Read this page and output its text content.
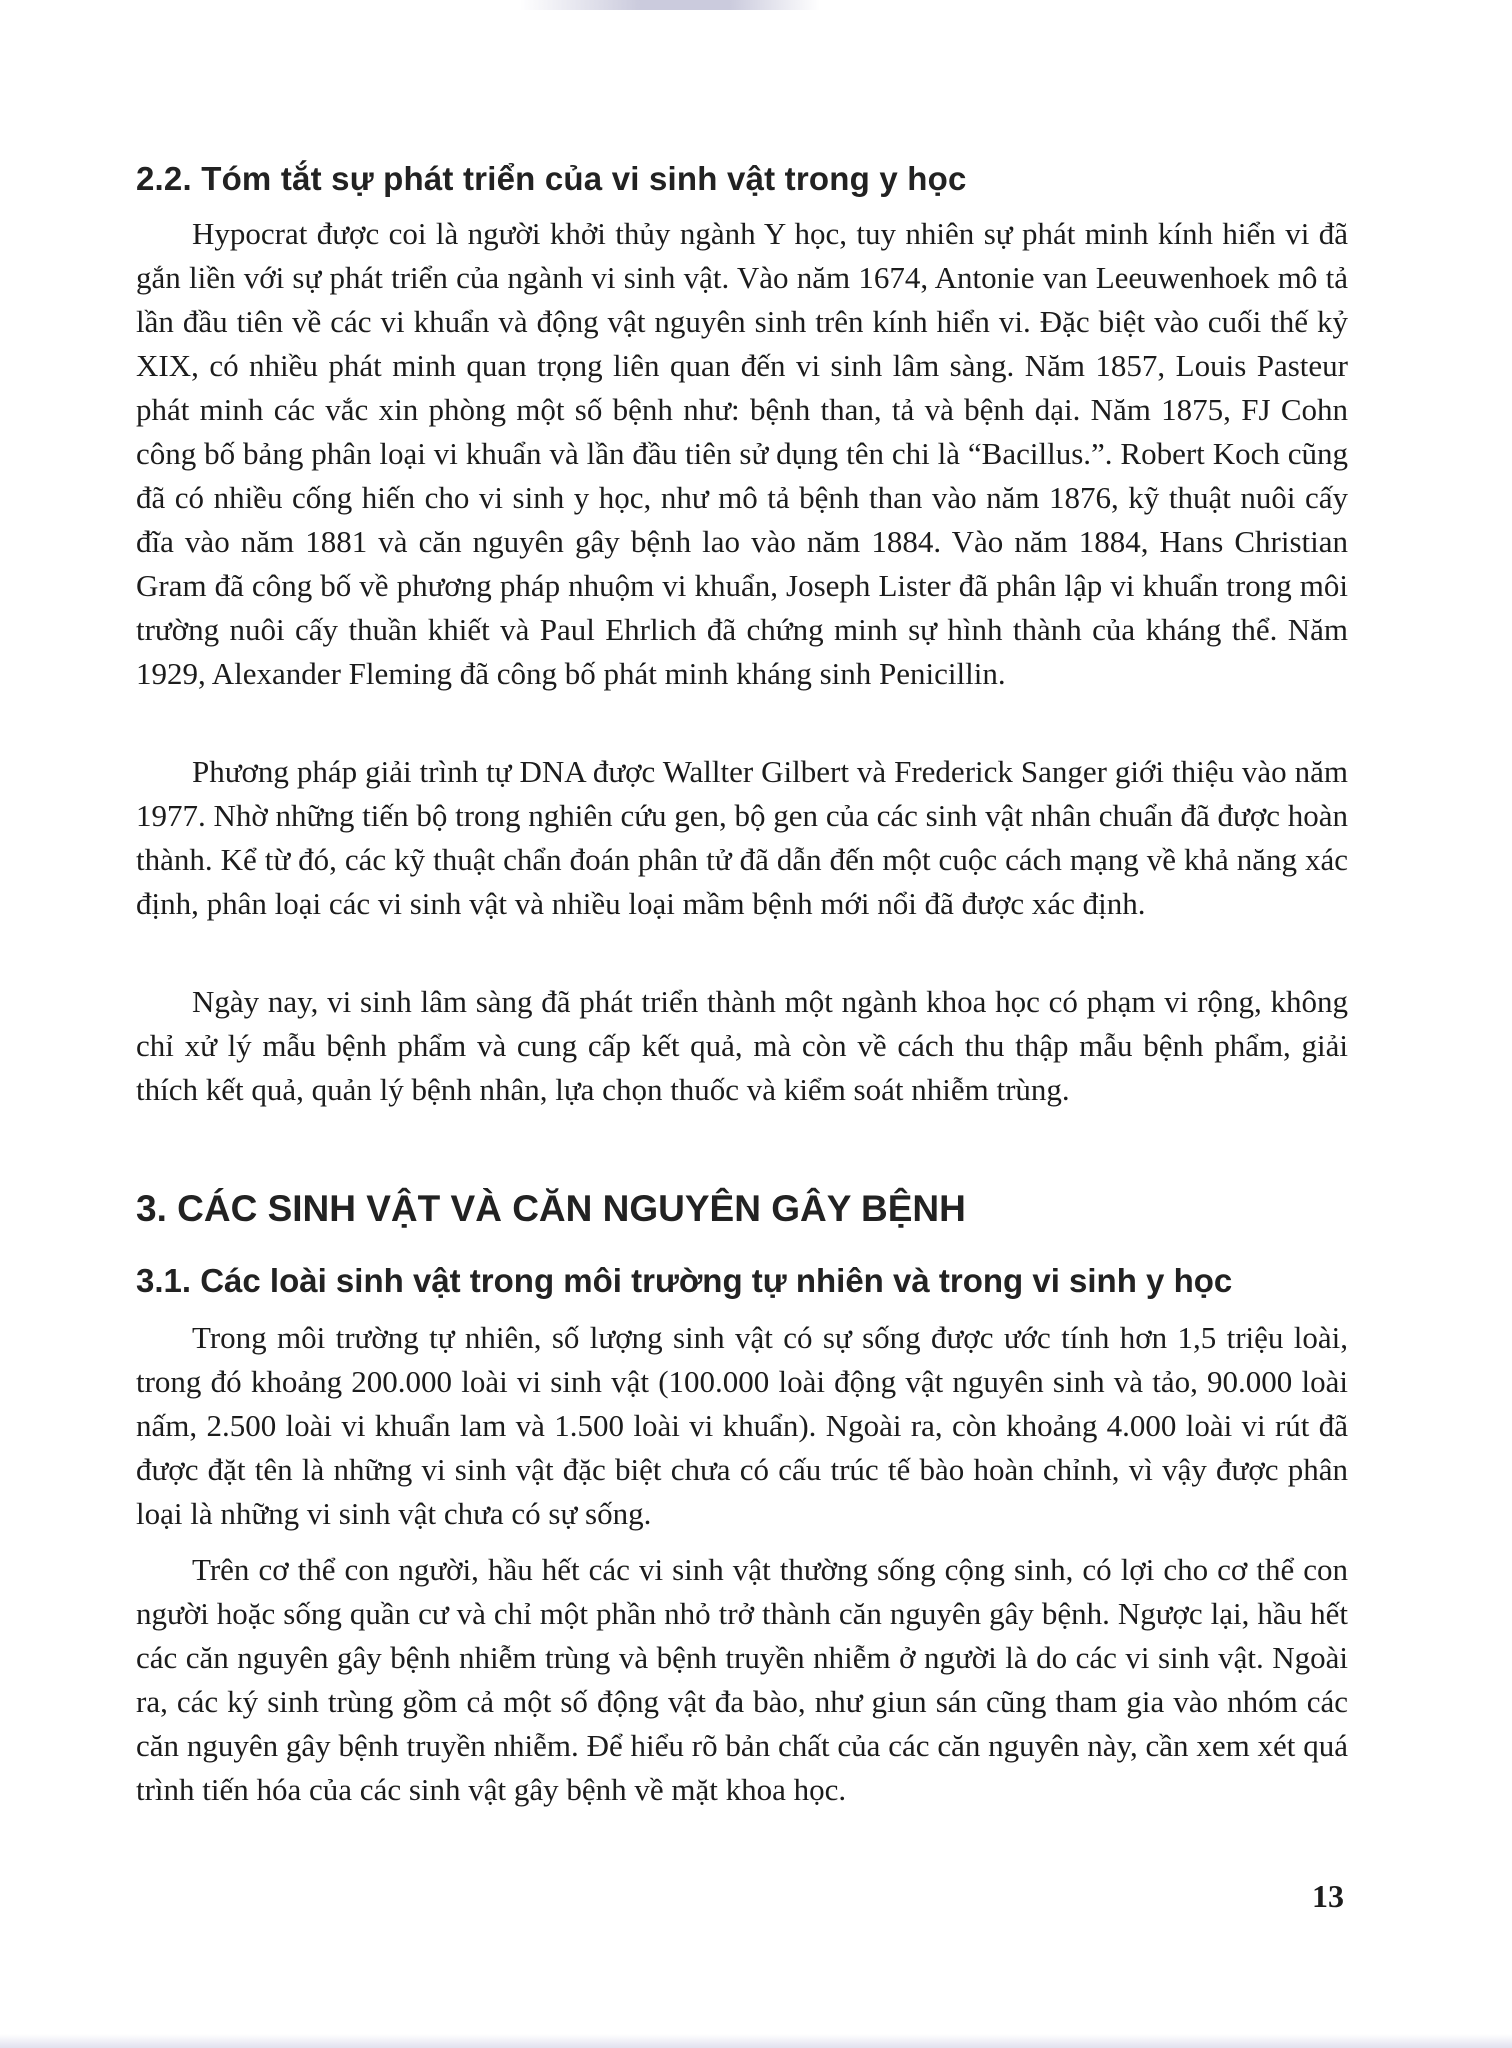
2.2. Tóm tắt sự phát triển của vi sinh vật trong y học

Hypocrat được coi là người khởi thủy ngành Y học, tuy nhiên sự phát minh kính hiển vi đã gắn liền với sự phát triển của ngành vi sinh vật. Vào năm 1674, Antonie van Leeuwenhoek mô tả lần đầu tiên về các vi khuẩn và động vật nguyên sinh trên kính hiển vi. Đặc biệt vào cuối thế kỷ XIX, có nhiều phát minh quan trọng liên quan đến vi sinh lâm sàng. Năm 1857, Louis Pasteur phát minh các vắc xin phòng một số bệnh như: bệnh than, tả và bệnh dại. Năm 1875, FJ Cohn công bố bảng phân loại vi khuẩn và lần đầu tiên sử dụng tên chi là “Bacillus.”. Robert Koch cũng đã có nhiều cống hiến cho vi sinh y học, như mô tả bệnh than vào năm 1876, kỹ thuật nuôi cấy đĩa vào năm 1881 và căn nguyên gây bệnh lao vào năm 1884. Vào năm 1884, Hans Christian Gram đã công bố về phương pháp nhuộm vi khuẩn, Joseph Lister đã phân lập vi khuẩn trong môi trường nuôi cấy thuần khiết và Paul Ehrlich đã chứng minh sự hình thành của kháng thể. Năm 1929, Alexander Fleming đã công bố phát minh kháng sinh Penicillin.

Phương pháp giải trình tự DNA được Wallter Gilbert và Frederick Sanger giới thiệu vào năm 1977. Nhờ những tiến bộ trong nghiên cứu gen, bộ gen của các sinh vật nhân chuẩn đã được hoàn thành. Kể từ đó, các kỹ thuật chẩn đoán phân tử đã dẫn đến một cuộc cách mạng về khả năng xác định, phân loại các vi sinh vật và nhiều loại mầm bệnh mới nổi đã được xác định.

Ngày nay, vi sinh lâm sàng đã phát triển thành một ngành khoa học có phạm vi rộng, không chỉ xử lý mẫu bệnh phẩm và cung cấp kết quả, mà còn về cách thu thập mẫu bệnh phẩm, giải thích kết quả, quản lý bệnh nhân, lựa chọn thuốc và kiểm soát nhiễm trùng.

3. CÁC SINH VẬT VÀ CĂN NGUYÊN GÂY BỆNH
3.1. Các loài sinh vật trong môi trường tự nhiên và trong vi sinh y học

Trong môi trường tự nhiên, số lượng sinh vật có sự sống được ước tính hơn 1,5 triệu loài, trong đó khoảng 200.000 loài vi sinh vật (100.000 loài động vật nguyên sinh và tảo, 90.000 loài nấm, 2.500 loài vi khuẩn lam và 1.500 loài vi khuẩn). Ngoài ra, còn khoảng 4.000 loài vi rút đã được đặt tên là những vi sinh vật đặc biệt chưa có cấu trúc tế bào hoàn chỉnh, vì vậy được phân loại là những vi sinh vật chưa có sự sống.

Trên cơ thể con người, hầu hết các vi sinh vật thường sống cộng sinh, có lợi cho cơ thể con người hoặc sống quần cư và chỉ một phần nhỏ trở thành căn nguyên gây bệnh. Ngược lại, hầu hết các căn nguyên gây bệnh nhiễm trùng và bệnh truyền nhiễm ở người là do các vi sinh vật. Ngoài ra, các ký sinh trùng gồm cả một số động vật đa bào, như giun sán cũng tham gia vào nhóm các căn nguyên gây bệnh truyền nhiễm. Để hiểu rõ bản chất của các căn nguyên này, cần xem xét quá trình tiến hóa của các sinh vật gây bệnh về mặt khoa học.

13
